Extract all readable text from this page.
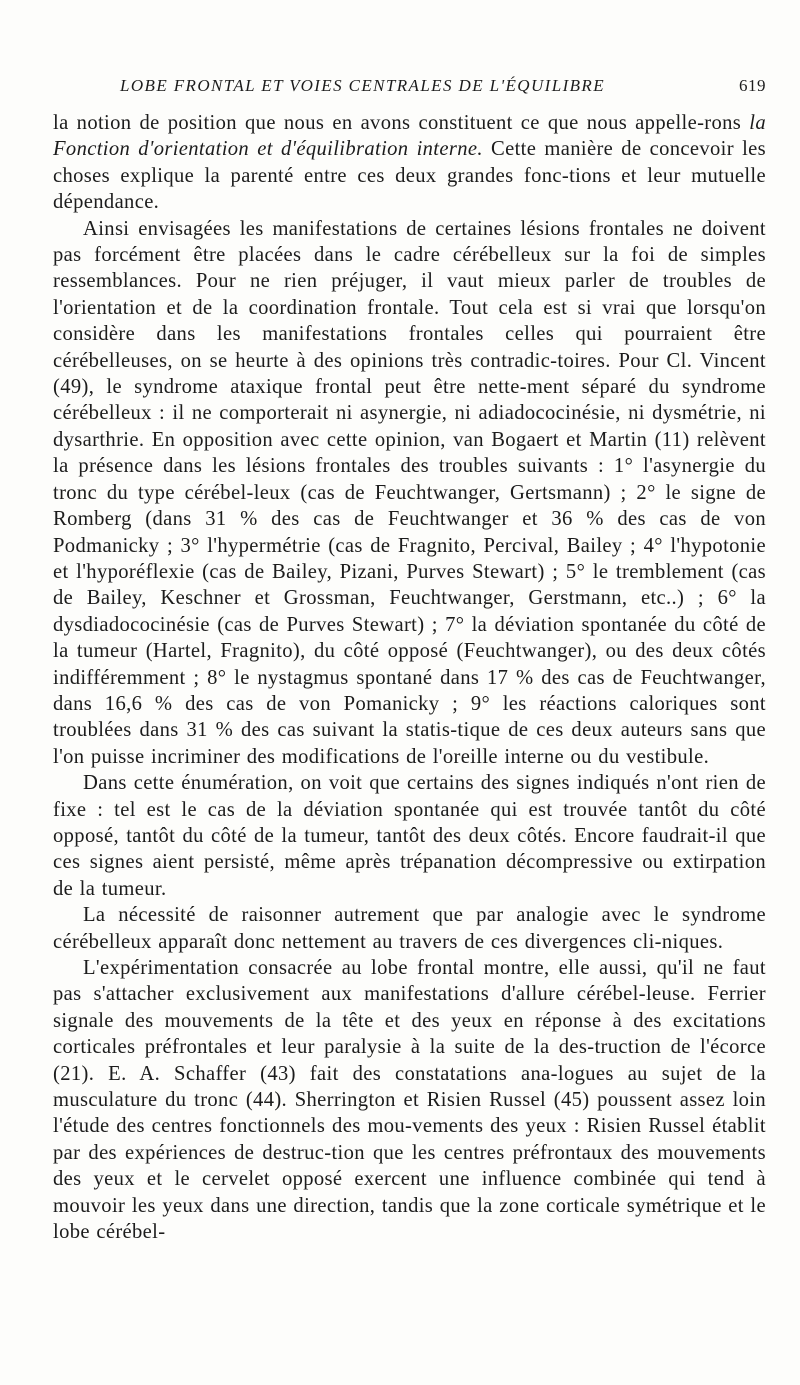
LOBE FRONTAL ET VOIES CENTRALES DE L'ÉQUILIBRE	619

la notion de position que nous en avons constituent ce que nous appelle-rons la Fonction d'orientation et d'équilibration interne. Cette manière de concevoir les choses explique la parenté entre ces deux grandes fonc-tions et leur mutuelle dépendance.

Ainsi envisagées les manifestations de certaines lésions frontales ne doivent pas forcément être placées dans le cadre cérébelleux sur la foi de simples ressemblances. Pour ne rien préjuger, il vaut mieux parler de troubles de l'orientation et de la coordination frontale. Tout cela est si vrai que lorsqu'on considère dans les manifestations frontales celles qui pourraient être cérébelleuses, on se heurte à des opinions très contradic-toires. Pour Cl. Vincent (49), le syndrome ataxique frontal peut être nette-ment séparé du syndrome cérébelleux : il ne comporterait ni asynergie, ni adiadococinésie, ni dysmétrie, ni dysarthrie. En opposition avec cette opinion, van Bogaert et Martin (11) relèvent la présence dans les lésions frontales des troubles suivants : 1° l'asynergie du tronc du type cérébel-leux (cas de Feuchtwanger, Gertsmann) ; 2° le signe de Romberg (dans 31 % des cas de Feuchtwanger et 36 % des cas de von Podmanicky ; 3° l'hypermétrie (cas de Fragnito, Percival, Bailey ; 4° l'hypotonie et l'hyporéflexie (cas de Bailey, Pizani, Purves Stewart) ; 5° le tremblement (cas de Bailey, Keschner et Grossman, Feuchtwanger, Gerstmann, etc..) ; 6° la dysdiadococinésie (cas de Purves Stewart) ; 7° la déviation spontanée du côté de la tumeur (Hartel, Fragnito), du côté opposé (Feuchtwanger), ou des deux côtés indifféremment ; 8° le nystagmus spontané dans 17 % des cas de Feuchtwanger, dans 16,6 % des cas de von Pomanicky ; 9° les réactions caloriques sont troublées dans 31 % des cas suivant la statis-tique de ces deux auteurs sans que l'on puisse incriminer des modifications de l'oreille interne ou du vestibule.

Dans cette énumération, on voit que certains des signes indiqués n'ont rien de fixe : tel est le cas de la déviation spontanée qui est trouvée tantôt du côté opposé, tantôt du côté de la tumeur, tantôt des deux côtés. Encore faudrait-il que ces signes aient persisté, même après trépanation décompressive ou extirpation de la tumeur.

La nécessité de raisonner autrement que par analogie avec le syndrome cérébelleux apparaît donc nettement au travers de ces divergences cli-niques.

L'expérimentation consacrée au lobe frontal montre, elle aussi, qu'il ne faut pas s'attacher exclusivement aux manifestations d'allure cérébel-leuse. Ferrier signale des mouvements de la tête et des yeux en réponse à des excitations corticales préfrontales et leur paralysie à la suite de la des-truction de l'écorce (21). E. A. Schaffer (43) fait des constatations ana-logues au sujet de la musculature du tronc (44). Sherrington et Risien Russel (45) poussent assez loin l'étude des centres fonctionnels des mou-vements des yeux : Risien Russel établit par des expériences de destruc-tion que les centres préfrontaux des mouvements des yeux et le cervelet opposé exercent une influence combinée qui tend à mouvoir les yeux dans une direction, tandis que la zone corticale symétrique et le lobe cérébel-
